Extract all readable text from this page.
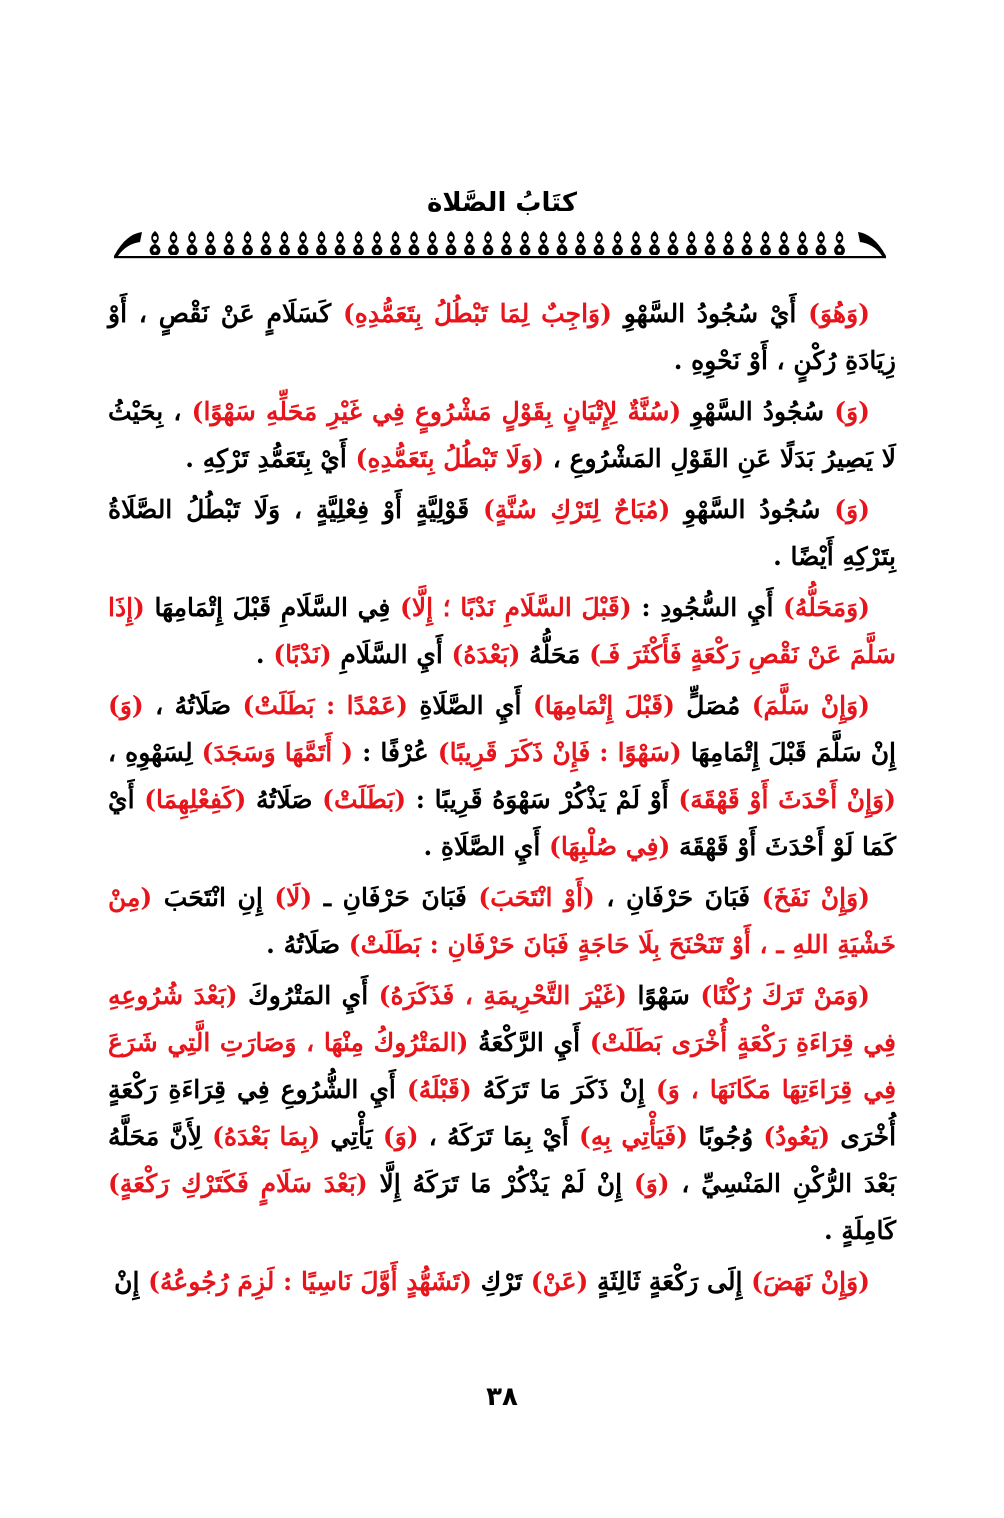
كتَابُ الصَّلاة

(وَهُوَ) أَيْ سُجُودُ السَّهْوِ (وَاجِبٌ لِمَا تَبْطُلُ بِتَعَمُّدِهِ) كَسَلَامٍ عَنْ نَقْصٍ ، أَوْ زِيَادَةِ رُكْنٍ ، أَوْ نَحْوِهِ .

(وَ) سُجُودُ السَّهْوِ (سُنَّةٌ لِإِتْيَانٍ بِقَوْلٍ مَشْرُوعٍ فِي غَيْرِ مَحَلِّهِ سَهْوًا) ، بِحَيْثُ لَا يَصِيرُ بَدَلًا عَنِ القَوْلِ المَشْرُوعِ ، (وَلَا تَبْطُلُ بِتَعَمُّدِهِ) أَيْ بِتَعَمُّدِ تَرْكِهِ .

(وَ) سُجُودُ السَّهْوِ (مُبَاحٌ لِتَرْكِ سُنَّةٍ) قَوْلِيَّةٍ أَوْ فِعْلِيَّةٍ ، وَلَا تَبْطُلُ الصَّلَاةُ بِتَرْكِهِ أَيْضًا .

(وَمَحَلُّهُ) أَيِ السُّجُودِ : (قَبْلَ السَّلَامِ نَدْبًا ؛ إِلَّا) فِي السَّلَامِ قَبْلَ إِتْمَامِهَا (إِذَا سَلَّمَ عَنْ نَقْصِ رَكْعَةٍ فَأَكْثَرَ فَـ) مَحَلُّهُ (بَعْدَهُ) أَيِ السَّلَامِ (نَدْبًا) .

(وَإِنْ سَلَّمَ) مُصَلٍّ (قَبْلَ إِتْمَامِهَا) أَيِ الصَّلَاةِ (عَمْدًا : بَطَلَتْ) صَلَاتُهُ ، (وَ) إِنْ سَلَّمَ قَبْلَ إِتْمَامِهَا (سَهْوًا : فَإِنْ ذَكَرَ قَرِيبًا) عُرْفًا : ( أَتَمَّهَا وَسَجَدَ) لِسَهْوِهِ ، (وَإِنْ أَحْدَثَ أَوْ قَهْقَهَ) أَوْ لَمْ يَذْكُرْ سَهْوَهُ قَرِيبًا : (بَطَلَتْ) صَلَاتُهُ (كَفِعْلِهِمَا) أَيْ كَمَا لَوْ أَحْدَثَ أَوْ قَهْقَهَ (فِي صُلْبِهَا) أَيِ الصَّلَاةِ .

(وَإِنْ نَفَخَ) فَبَانَ حَرْفَانِ ، (أَوْ انْتَحَبَ) فَبَانَ حَرْفَانِ ـ (لَا) إِنِ انْتَحَبَ (مِنْ خَشْيَةِ اللهِ ـ ، أَوْ تَنَحْنَحَ بِلَا حَاجَةٍ فَبَانَ حَرْفَانِ : بَطَلَتْ) صَلَاتُهُ .

(وَمَنْ تَرَكَ رُكْنًا) سَهْوًا (غَيْرَ التَّحْرِيمَةِ ، فَذَكَرَهُ) أَيِ المَتْرُوكَ (بَعْدَ شُرُوعِهِ فِي قِرَاءَةِ رَكْعَةٍ أُخْرَى بَطَلَتْ) أَيِ الرَّكْعَةُ (المَتْرُوكُ مِنْهَا ، وَصَارَتِ الَّتِي شَرَعَ فِي قِرَاءَتِهَا مَكَانَهَا ، وَ) إِنْ ذَكَرَ مَا تَرَكَهُ (قَبْلَهُ) أَيِ الشُّرُوعِ فِي قِرَاءَةِ رَكْعَةٍ أُخْرَى (يَعُودُ) وُجُوبًا (فَيَأْتِي بِهِ) أَيْ بِمَا تَرَكَهُ ، (وَ) يَأْتِي (بِمَا بَعْدَهُ) لِأَنَّ مَحَلَّهُ بَعْدَ الرُّكْنِ المَنْسِيِّ ، (وَ) إِنْ لَمْ يَذْكُرْ مَا تَرَكَهُ إِلَّا (بَعْدَ سَلَامٍ فَكَتَرْكِ رَكْعَةٍ) كَامِلَةٍ .

(وَإِنْ نَهَضَ) إِلَى رَكْعَةٍ ثَالِثَةٍ (عَنْ) تَرْكِ (تَشَهُّدٍ أَوَّلَ نَاسِيًا : لَزِمَ رُجُوعُهُ) إِنْ

٣٨
